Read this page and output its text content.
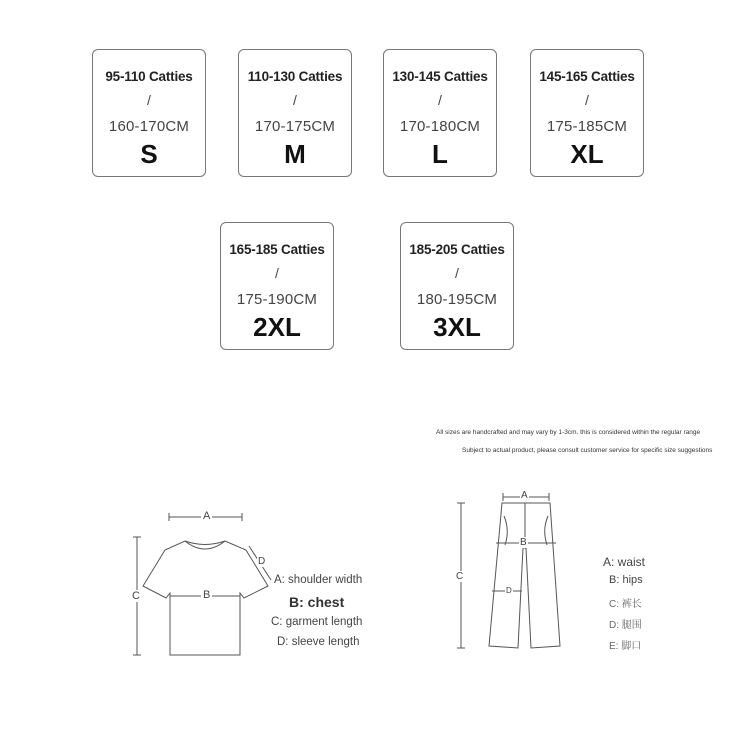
95-110 Catties
/
160-170CM
S
110-130 Catties
/
170-175CM
M
130-145 Catties
/
170-180CM
L
145-165 Catties
/
175-185CM
XL
165-185 Catties
/
175-190CM
2XL
185-205 Catties
/
180-195CM
3XL
All sizes are handcrafted and may vary by 1-3cm. this is considered within the regular range
Subject to actual product, please consult customer service for specific size suggestions
A
B
C
D
A: shoulder width
B: chest
C: garment length
D: sleeve length
A
B
C
D
A: waist
B: hips
C: 裤长
D: 腿围
E: 脚口
